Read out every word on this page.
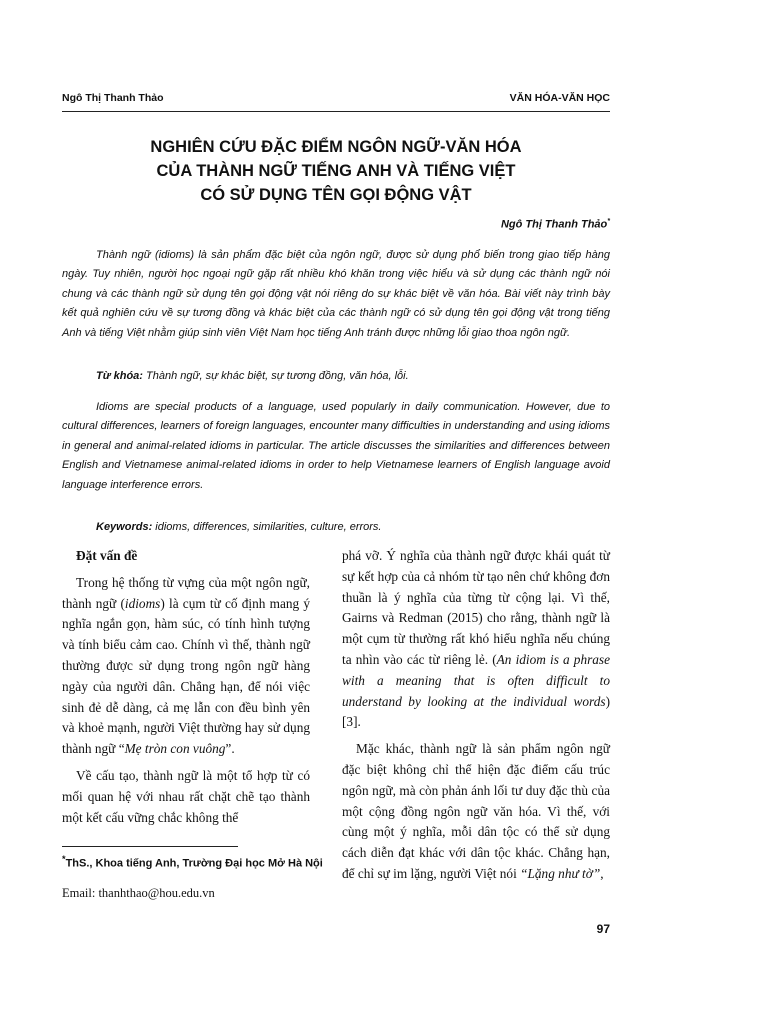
Ngô Thị Thanh Thảo	VĂN HÓA-VĂN HỌC
NGHIÊN CỨU ĐẶC ĐIỂM NGÔN NGỮ-VĂN HÓA
CỦA THÀNH NGỮ TIẾNG ANH VÀ TIẾNG VIỆT
CÓ SỬ DỤNG TÊN GỌI ĐỘNG VẬT
Ngô Thị Thanh Thảo*

Thành ngữ (idioms) là sản phẩm đặc biệt của ngôn ngữ, được sử dụng phổ biến trong giao tiếp hàng ngày. Tuy nhiên, người học ngoại ngữ gặp rất nhiều khó khăn trong việc hiểu và sử dụng các thành ngữ nói chung và các thành ngữ sử dụng tên gọi động vật nói riêng do sự khác biệt về văn hóa. Bài viết này trình bày kết quả nghiên cứu về sự tương đồng và khác biệt của các thành ngữ có sử dụng tên gọi động vật trong tiếng Anh và tiếng Việt nhằm giúp sinh viên Việt Nam học tiếng Anh tránh được những lỗi giao thoa ngôn ngữ.

Từ khóa: Thành ngữ, sự khác biệt, sự tương đồng, văn hóa, lỗi.

Idioms are special products of a language, used popularly in daily communication. However, due to cultural differences, learners of foreign languages, encounter many difficulties in understanding and using idioms in general and animal-related idioms in particular. The article discusses the similarities and differences between English and Vietnamese animal-related idioms in order to help Vietnamese learners of English language avoid language interference errors.

Keywords: idioms, differences, similarities, culture, errors.

Đặt vấn đề

Trong hệ thống từ vựng của một ngôn ngữ, thành ngữ (idioms) là cụm từ cố định mang ý nghĩa ngắn gọn, hàm súc, có tính hình tượng và tính biểu cảm cao. Chính vì thế, thành ngữ thường được sử dụng trong ngôn ngữ hàng ngày của người dân. Chẳng hạn, để nói việc sinh đẻ dễ dàng, cả mẹ lẫn con đều bình yên và khoẻ mạnh, người Việt thường hay sử dụng thành ngữ “Mẹ tròn con vuông”.

Về cấu tạo, thành ngữ là một tổ hợp từ có mối quan hệ với nhau rất chặt chẽ tạo thành một kết cấu vững chắc không thể

phá vỡ. Ý nghĩa của thành ngữ được khái quát từ sự kết hợp của cả nhóm từ tạo nên chứ không đơn thuần là ý nghĩa của từng từ cộng lại. Vì thế, Gairns và Redman (2015) cho rằng, thành ngữ là một cụm từ thường rất khó hiểu nghĩa nếu chúng ta nhìn vào các từ riêng lẻ. (An idiom is a phrase with a meaning that is often difficult to understand by looking at the individual words) [3].

Mặc khác, thành ngữ là sản phẩm ngôn ngữ đặc biệt không chỉ thể hiện đặc điểm cấu trúc ngôn ngữ, mà còn phản ánh lối tư duy đặc thù của một cộng đồng ngôn ngữ văn hóa. Vì thế, với cùng một ý nghĩa, mỗi dân tộc có thể sử dụng cách diễn đạt khác với dân tộc khác. Chẳng hạn, để chỉ sự im lặng, người Việt nói “Lặng như tờ”,

*ThS., Khoa tiếng Anh, Trường Đại học Mở Hà Nội

Email: thanhthao@hou.edu.vn
97
